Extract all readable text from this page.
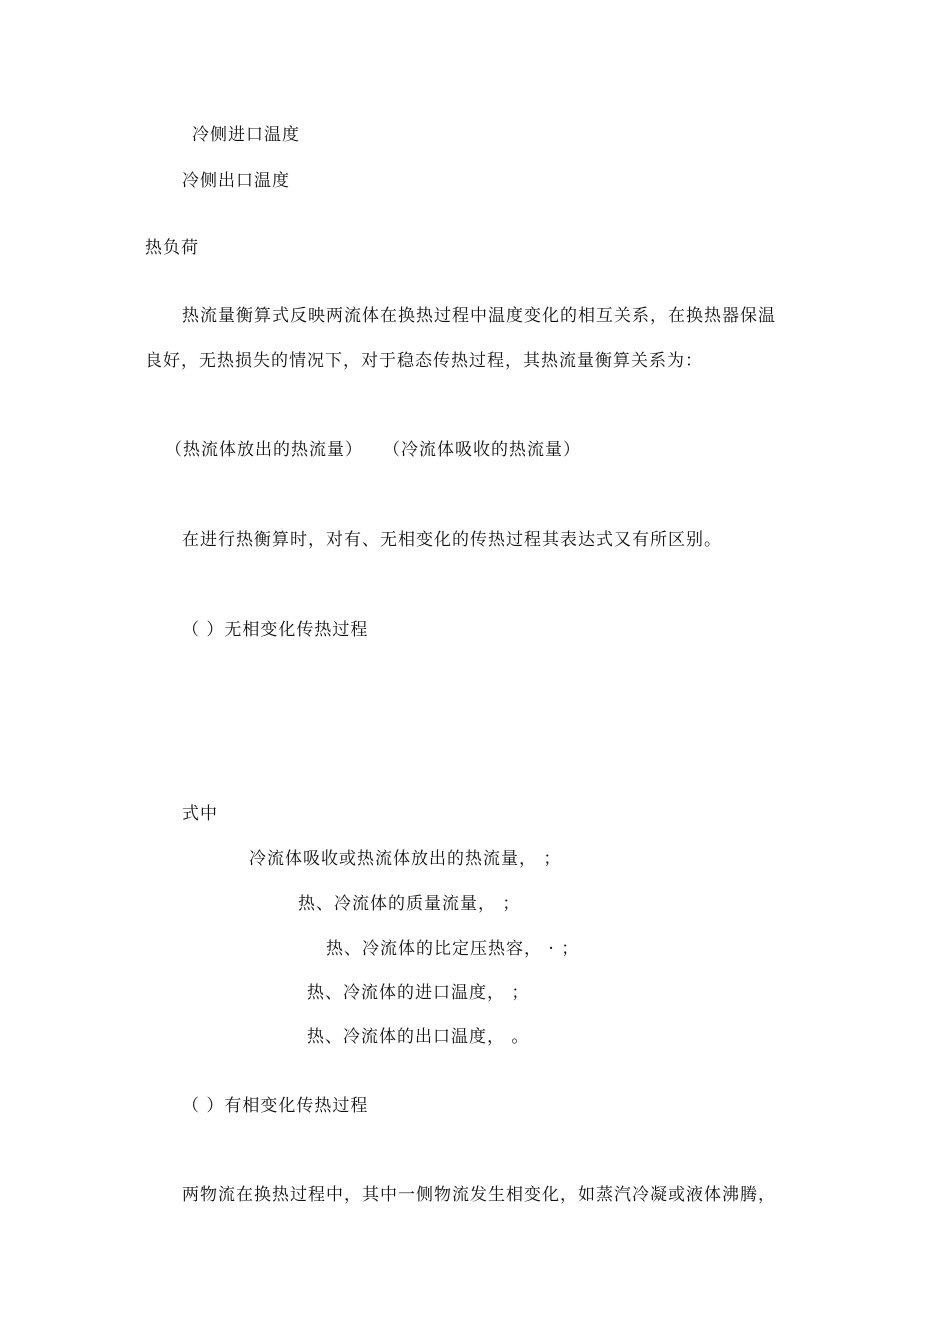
冷侧进口温度
冷侧出口温度
热负荷
热流量衡算式反映两流体在换热过程中温度变化的相互关系，在换热器保温
良好，无热损失的情况下，对于稳态传热过程，其热流量衡算关系为：
（热流体放出的热流量） （冷流体吸收的热流量）
在进行热衡算时，对有、无相变化的传热过程其表达式又有所区别。
（ ）无相变化传热过程
式中
冷流体吸收或热流体放出的热流量， ；
热、冷流体的质量流量， ；
热、冷流体的比定压热容， · ；
热、冷流体的进口温度， ；
热、冷流体的出口温度， 。
（ ）有相变化传热过程
两物流在换热过程中，其中一侧物流发生相变化，如蒸汽冷凝或液体沸腾，
